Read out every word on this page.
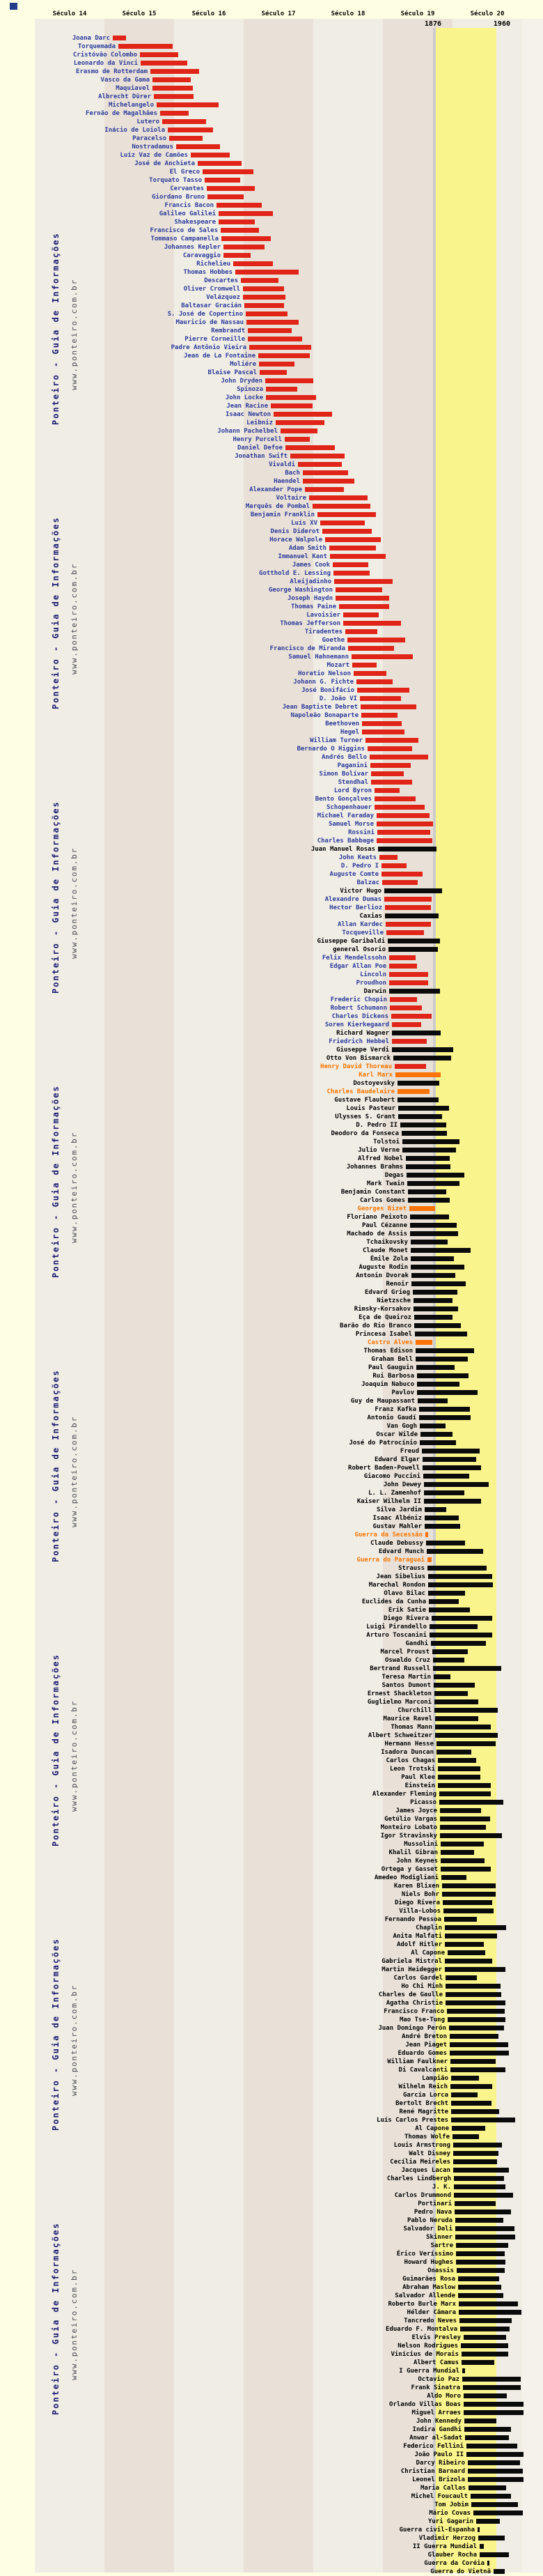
Século 14	Século 15	Século 16	Século 17	Século 18	Século 19	Século 20
1876	1960
Ponteiro - Guia de Informações www.ponteiro.com.br
Ponteiro - Guia de Informações www.ponteiro.com.br
Ponteiro - Guia de Informações www.ponteiro.com.br
Ponteiro - Guia de Informações www.ponteiro.com.br
Ponteiro - Guia de Informações www.ponteiro.com.br
Ponteiro - Guia de Informações www.ponteiro.com.br
Ponteiro - Guia de Informações www.ponteiro.com.br
Ponteiro - Guia de Informações www.ponteiro.com.br
Joana Darc
Torquemada
Cristóvão Colombo
Leonardo da Vinci
Erasmo de Rotterdam
Vasco da Gama
Maquiavel
Albrecht Dürer
Michelangelo
Fernão de Magalhães
Lutero
Inácio de Loiola
Paracelso
Nostradamus
Luíz Vaz de Camões
José de Anchieta
El Greco
Torquato Tasso
Cervantes
Giordano Bruno
Francis Bacon
Galileo Galilei
Shakespeare
Francisco de Sales
Tommaso Campanella
Johannes Kepler
Caravaggio
Richelieu
Thomas Hobbes
Descartes
Oliver Cromwell
Velázquez
Baltasar Gracián
S. José de Copertino
Mauricio de Nassau
Rembrandt
Pierre Corneille
Padre Antônio Vieira
Jean de La Fontaine
Moliére
Blaise Pascal
John Dryden
Spinoza
John Locke
Jean Racine
Isaac Newton
Leibniz
Johann Pachelbel
Henry Purcell
Daniel Defoe
Jonathan Swift
Vivaldi
Bach
Haendel
Alexander Pope
Voltaire
Marquês de Pombal
Benjamin Franklin
Luís XV
Denis Diderot
Horace Walpole
Adam Smith
Immanuel Kant
James Cook
Gotthold E. Lessing
Aleijadinho
George Washington
Joseph Haydn
Thomas Paine
Lavoisier
Thomas Jefferson
Tiradentes
Goethe
Francisco de Miranda
Samuel Hahnemann
Mozart
Horatio Nelson
Johann G. Fichte
José Bonifácio
D. João VI
Jean Baptiste Debret
Napoleão Bonaparte
Beethoven
Hegel
William Turner
Bernardo O Higgins
Andrés Bello
Paganini
Simon Bolívar
Stendhal
Lord Byron
Bento Gonçalves
Schopenhauer
Michael Faraday
Samuel Morse
Rossini
Charles Babbage
Juan Manuel Rosas
John Keats
D. Pedro I
Auguste Comte
Balzac
Victor Hugo
Alexandre Dumas
Hector Berlioz
Caxias
Allan Kardec
Tocqueville
Giuseppe Garibaldi
general Osorio
Felix Mendelssohn
Edgar Allan Poe
Lincoln
Proudhon
Darwin
Frederic Chopin
Robert Schumann
Charles Dickens
Soren Kierkegaard
Richard Wagner
Friedrich Hebbel
Giuseppe Verdi
Otto Von Bismarck
Henry David Thoreau
Karl Marx
Dostoyevsky
Charles Baudelaire
Gustave Flaubert
Louis Pasteur
Ulysses S. Grant
D. Pedro II
Deodoro da Fonseca
Tolstoi
Julio Verne
Alfred Nobel
Johannes Brahms
Degas
Mark Twain
Benjamin Constant
Carlos Gomes
Georges Bizet
Floriano Peixoto
Paul Cézanne
Machado de Assis
Tchaikovsky
Claude Monet
Émile Zola
Auguste Rodin
Antonin Dvorak
Renoir
Edvard Grieg
Nietzsche
Rimsky-Korsakov
Eça de Queiroz
Barão do Rio Branco
Princesa Isabel
Castro Alves
Thomas Edison
Graham Bell
Paul Gauguin
Rui Barbosa
Joaquim Nabuco
Pavlov
Guy de Maupassant
Franz Kafka
Antonio Gaudí
Van Gogh
Oscar Wilde
José do Patrocínio
Freud
Edward Elgar
Robert Baden-Powell
Giacomo Puccini
John Dewey
L. L. Zamenhof
Kaiser Wilhelm II
Silva Jardim
Isaac Albéniz
Gustav Mahler
Guerra da Secessão
Claude Debussy
Edvard Munch
Guerra do Paraguai
Strauss
Jean Sibelius
Marechal Rondon
Olavo Bilac
Euclides da Cunha
Erik Satie
Diego Rivera
Luigi Pirandello
Arturo Toscanini
Gandhi
Marcel Proust
Oswaldo Cruz
Bertrand Russell
Teresa Martin
Santos Dumont
Ernest Shackleton
Guglielmo Marconi
Churchill
Maurice Ravel
Thomas Mann
Albert Schweitzer
Hermann Hesse
Isadora Duncan
Carlos Chagas
Leon Trotski
Paul Klee
Einstein
Alexander Fleming
Picasso
James Joyce
Getúlio Vargas
Monteiro Lobato
Igor Stravinsky
Mussolini
Khalil Gibran
John Keynes
Ortega y Gasset
Amedeo Modigliani
Karen Blixen
Niels Bohr
Diego Rivera
Villa-Lobos
Fernando Pessoa
Chaplin
Anita Malfati
Adolf Hitler
Al Capone
Gabriela Mistral
Martin Heidegger
Carlos Gardel
Ho Chi Minh
Charles de Gaulle
Agatha Christie
Francisco Franco
Mao Tse-Tung
Juan Domingo Perón
André Breton
Jean Piaget
Eduardo Gomes
William Faulkner
Di Cavalcanti
Lampião
Wilhelm Reich
García Lorca
Bertolt Brecht
René Magritte
Luís Carlos Prestes
Al Capone
Thomas Wolfe
Louis Armstrong
Walt Disney
Cecília Meireles
Jacques Lacan
Charles Lindbergh
J. K.
Carlos Drummond
Portinari
Pedro Nava
Pablo Neruda
Salvador Dali
Skinner
Sartre
Érico Veríssimo
Howard Hughes
Onassis
Guimarães Rosa
Abraham Maslow
Salvador Allende
Roberto Burle Marx
Hélder Câmara
Tancredo Neves
Eduardo F. Montalva
Elvis Presley
Nelson Rodrigues
Vinícius de Morais
Albert Camus
I Guerra Mundial
Octavio Paz
Frank Sinatra
Aldo Moro
Orlando Villas Boas
Miguel Arraes
John Kennedy
Indira Gandhi
Anwar al-Sadat
Federico Fellini
João Paulo II
Darcy Ribeiro
Christian Barnard
Leonel Brizola
Maria Callas
Michel Foucault
Tom Jobim
Mário Covas
Yuri Gagarin
Guerra civil-Espanha
Vladimir Herzog
II Guerra Mundial
Glauber Rocha
Guerra da Coréia
Guerra do Vietnã
